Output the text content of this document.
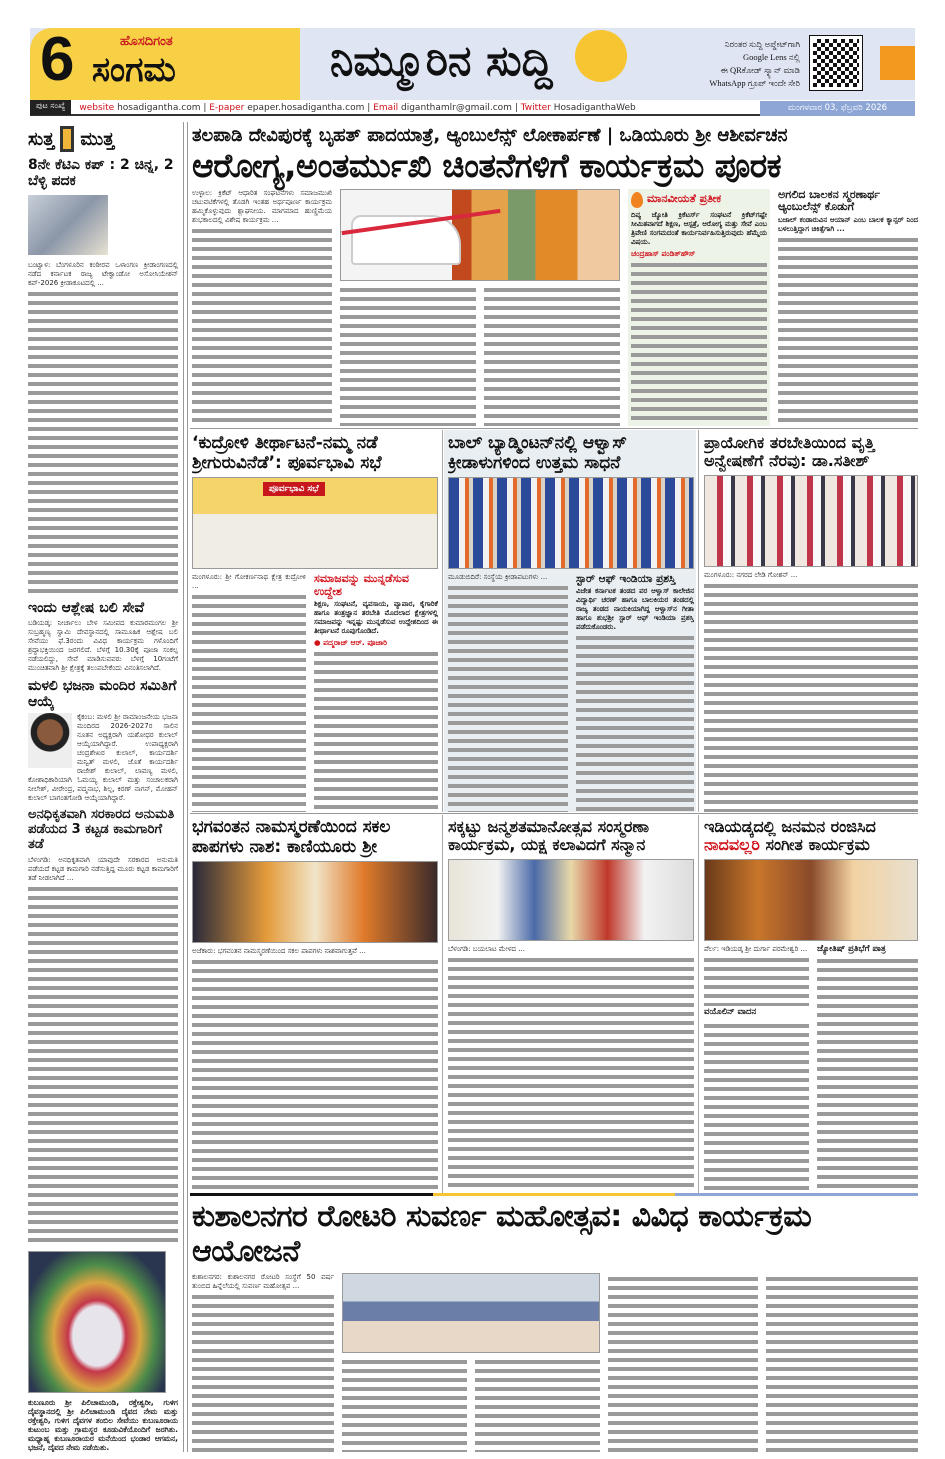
6	ಹೊಸದಿಗಂತ
ಸಂಗಮ	ನಿಮ್ಮೂರಿನ ಸುದ್ದಿ	ನಿರಂತರ ಸುದ್ದಿ ಅಪ್ಡೇಟ್‌ಗಾಗಿ
Google Lens ನಲ್ಲಿ
ಈ QRಕೋಡ್ ಸ್ಕ್ಯಾನ್ ಮಾಡಿ
WhatsApp ಗ್ರೂಪ್ ಇಂದೇ ಸೇರಿ
ಪುಟ ಸಂಖ್ಯೆ	website hosadigantha.com | E-paper epaper.hosadigantha.com | Email diganthamlr@gmail.com | Twitter HosadiganthaWeb	ಮಂಗಳವಾರ 03, ಫೆಬ್ರವರಿ 2026
ಸುತ್ತ ಮುತ್ತ
8ನೇ ಕೆಟಿಎ ಕಪ್ : 2 ಚಿನ್ನ, 2 ಬೆಳ್ಳಿ ಪದಕ
ಬಂಟ್ವಾಳ: ಬೆಂಗಳೂರಿನ ಕಂಠೀರವ ಒಳಾಂಗಣ ಕ್ರೀಡಾಂಗಣದಲ್ಲಿ ನಡೆದ ಕರ್ನಾಟಕ ರಾಜ್ಯ ಟೇಕ್ವಾಂಡೋ ಅಸೋಸಿಯೇಶನ್ ಕಪ್-2026 ಕ್ರೀಡಾಕೂಟದಲ್ಲಿ ...
ಇಂದು ಆಶ್ಲೇಷ ಬಲಿ ಸೇವೆ
ಬಡಿಯಡ್ಕ: ನೀರ್ಚಾಲು ಬೇಳ ಸಮೀಪದ ಕುಮಾರಮಂಗಲ ಶ್ರೀ ಸುಬ್ರಹ್ಮಣ್ಯ ಸ್ವಾಮಿ ದೇವಸ್ಥಾನದಲ್ಲಿ ಸಾಮೂಹಿಕ ಆಶ್ಲೇಷ ಬಲಿ ಸೇವೆಯು ಫೆ.3ರಂದು ವಿವಿಧ ಕಾರ್ಯಕ್ರಮ ಗಳೊಂದಿಗೆ ಶ್ರದ್ಧಾಭಕ್ತಿಯಿಂದ ಜರಗಲಿದೆ. ಬೆಳಗ್ಗೆ 10.30ಕ್ಕೆ ಪೂಜಾ ಸಂಕಲ್ಪ ನಡೆಯಲಿದ್ದು, ಸೇವೆ ಮಾಡಿಸುವವರು ಬೆಳಗ್ಗೆ 10ಗಂಟೆಗೆ ಮುಂಚಿತವಾಗಿ ಶ್ರೀ ಕ್ಷೇತ್ರಕ್ಕೆ ತಲುಪಬೇಕೆಂದು ವಿನಂತಿಸಲಾಗಿದೆ.
ಮಳಲಿ ಭಜನಾ ಮಂದಿರ ಸಮಿತಿಗೆ ಆಯ್ಕೆ
ಕೈಕಂಬ: ಮಳಲಿ ಶ್ರೀ ರಾಮಾಂಜನೇಯ ಭಜನಾ ಮಂದಿರದ 2026-2027ರ ಸಾಲಿನ ನೂತನ ಅಧ್ಯಕ್ಷರಾಗಿ ಯಶೋಧರ ಕುಲಾಲ್ ಆಯ್ಕೆಯಾಗಿದ್ದಾರೆ. ಉಪಾಧ್ಯಕ್ಷರಾಗಿ ಚಂದ್ರಶೇಖರ ಕುಲಾಲ್, ಕಾರ್ಯದರ್ಶಿ ಮನ್ವಿತ್ ಮಳಲಿ, ಜೊತೆ ಕಾರ್ಯದರ್ಶಿ ರಾಜೇಶ್ ಕುಲಾಲ್, ಲಾವಣ್ಯ ಮಳಲಿ, ಕೋಶಾಧಿಕಾರಿಯಾಗಿ ಓಮಯ್ಯ ಕುಲಾಲ್ ಮತ್ತು ಸಂಚಾಲಕರಾಗಿ ನೀಲೇಶ್, ವೀರೇಂದ್ರ, ಪದ್ಮನಾಭ, ಶಿಲ್ಪ, ಕಿರಣ್ ನಾಗನ್, ಮೋಹನ್ ಕುಲಾಲ್ ಬಾಗಂತಗೋಡಿ ಆಯ್ಕೆಯಾಗಿದ್ದಾರೆ.
ಅನಧಿಕೃತವಾಗಿ ಸರಕಾರದ ಅನುಮತಿ ಪಡೆಯದ 3 ಕಟ್ಟಡ ಕಾಮಗಾರಿಗೆ ತಡೆ
ಬೆಳಂಗಡಿ: ಅನಧಿಕೃತವಾಗಿ ಯಾವುದೇ ಸರಕಾರದ ಅನುಮತಿ ಪಡೆಯದೆ ಕಟ್ಟಡ ಕಾಮಗಾರಿ ನಡೆಸುತ್ತಿದ್ದ ಮೂರು ಕಟ್ಟಡ ಕಾಮಗಾರಿಗೆ ತಡೆ ನೀಡಲಾಗಿದೆ ...
ಕುಬಣೂರು ಶ್ರೀ ಪಿಲಿಚಾಮುಂಡಿ, ರಕ್ತೇಶ್ವರೀ, ಗುಳಿಗ ದೈವಸ್ಥಾನದಲ್ಲಿ ಶ್ರೀ ಪಿಲಿಚಾಮುಂಡಿ ದೈವದ ನೇಮ ಮತ್ತು ರಕ್ತೇಶ್ವರಿ, ಗುಳಿಗ ದೈವಗಳ ತಂಬಿಲ ಸೇವೆಯು ಕುಬಣೂರಾಯ ಕುಟುಂಬ ಮತ್ತು ಗ್ರಾಮಸ್ಥರ ಕೂಡುವಿಕೆಯೊಂದಿಗೆ ಜರಗಿತು. ಮಧ್ಯಾಹ್ನ ಕುಬಣೂರಾಯರ ಮನೆಯಿಂದ ಭಂಡಾರ ಆಗಮನ, ಭಜನೆ, ದೈವದ ನೇಮ ನಡೆಯಿತು.
ತಲಪಾಡಿ ದೇವಿಪುರಕ್ಕೆ ಬೃಹತ್ ಪಾದಯಾತ್ರೆ, ಆ್ಯಂಬುಲೆನ್ಸ್ ಲೋಕಾರ್ಪಣೆ | ಒಡಿಯೂರು ಶ್ರೀ ಆಶೀರ್ವಚನ
ಆರೋಗ್ಯ,ಅಂತರ್ಮುಖಿ ಚಿಂತನೆಗಳಿಗೆ ಕಾರ್ಯಕ್ರಮ ಪೂರಕ
ಉಳ್ಳಾಲ: ಕ್ರಿಕೆಟ್ ಆಧಾರಿತ ಸಂಘಟನೆಗಳು ಸಮಾಜಮುಖಿ ಚಟುವಟಿಕೆಗಳಲ್ಲಿ ತೊಡಗಿ ಇಂತಹ ಅರ್ಥಪೂರ್ಣ ಕಾರ್ಯಕ್ರಮ ಹಮ್ಮಿಕೊಳ್ಳುವುದು ಶ್ಲಾಘನೀಯ. ಮಾಗಮಾದ ಹುಣ್ಣಿಮೆಯ ಶುಭಕಾಲದಲ್ಲಿ ವಿಶೇಷ ಕಾರ್ಯಕ್ರಮ ...
ಮಾನವೀಯತೆ ಪ್ರತೀಕ
ದಿವ್ಯ ಜ್ಯೋತಿ ಕ್ರಿಕೆಟರ್ಸ್ ಸಂಘಟನೆ ಕ್ರಿಕೆಟ್‌ಗಷ್ಟೇ ಸೀಮಿತವಾಗದೆ ಶಿಕ್ಷಣ, ಆಸ್ಪತ್ರೆ, ಆರೋಗ್ಯ ಮತ್ತು ಸೇವೆ ಎಂಬ ತ್ರಿವೇಣಿ ಸಂಗಮದಂತೆ ಕಾರ್ಯನಿರ್ವಹಿಸುತ್ತಿರುವುದು ಹೆಮ್ಮೆಯ ವಿಷಯ.
ಚಂದ್ರಹಾಸ್ ಪಂಡಿತ್‌ಹೌಸ್
ಅಗಲಿದ ಬಾಲಕನ ಸ್ಮರಣಾರ್ಥ ಆ್ಯಂಬುಲೆನ್ಸ್ ಕೊಡುಗೆ
ಬಜಾಲ್ ಕಂಡಾರುವಿನ ಆಯಾನ್ ಎಂಬ ಬಾಲಕ ಕ್ಯಾನ್ಸರ್ ನಿಂದ ಬಳಲುತ್ತಿದ್ದಾಗ ಚಿಕಿತ್ಸೆಗಾಗಿ ...
‘ಕುದ್ರೋಳಿ ತೀರ್ಥಾಟನೆ-ನಮ್ಮ ನಡೆ ಶ್ರೀಗುರುವಿನೆಡೆ’: ಪೂರ್ವಭಾವಿ ಸಭೆ
ಪೂರ್ವಭಾವಿ ಸಭೆ
ಮಂಗಳೂರು: ಶ್ರೀ ಗೋಕರ್ಣನಾಥ ಕ್ಷೇತ್ರ ಕುದ್ರೋಳಿ ...
ಸಮಾಜವನ್ನು ಮುನ್ನಡೆಸುವ ಉದ್ದೇಶ
ಶಿಕ್ಷಣ, ಸಂಘಟನೆ, ವ್ಯವಸಾಯ, ವ್ಯಾಪಾರ, ಕೈಗಾರಿಕೆ ಹಾಗೂ ತಂತ್ರಜ್ಞಾನ ತರಬೇತಿ ಮೊದಲಾದ ಕ್ಷೇತ್ರಗಳಲ್ಲಿ ಸಮಾಜವನ್ನು ಇನ್ನಷ್ಟು ಮುನ್ನಡೆಸುವ ಉದ್ದೇಶದಿಂದ ಈ ತೀರ್ಥಾಟನೆ ರೂಪುಗೊಂಡಿದೆ.
● ಪದ್ಮರಾಜ್ ಆರ್. ಪೂಜಾರಿ
ಬಾಲ್ ಬ್ಯಾಡ್ಮಿಂಟನ್‌ನಲ್ಲಿ ಆಳ್ವಾಸ್ ಕ್ರೀಡಾಳುಗಳಿಂದ ಉತ್ತಮ ಸಾಧನೆ
ಮೂಡುಬಿದಿರೆ: ಸಂಸ್ಥೆಯ ಕ್ರೀಡಾಪಟುಗಳು ...	ಸ್ಟಾರ್ ಆಫ್ ಇಂಡಿಯಾ ಪ್ರಶಸ್ತಿ
ವಿಜೇತ ಕರ್ನಾಟಕ ತಂಡದ ಪರ ಆಳ್ವಾಸ್ ಕಾಲೇಜಿನ ವಿದ್ಯಾರ್ಥಿ ಚರಣ್ ಹಾಗೂ ಬಾಲಕಿಯರ ತಂಡದಲ್ಲಿ ರಾಜ್ಯ ತಂಡದ ನಾಯಕಿಯಾಗಿದ್ದ ಆಳ್ವಾಸ್‌ನ ಗೀತಾ ಹಾಗೂ ಶುಭಶ್ರೀ ಸ್ಟಾರ್ ಆಫ್ ಇಂಡಿಯಾ ಪ್ರಶಸ್ತಿ ಪಡೆದುಕೊಂಡರು.
ಪ್ರಾಯೋಗಿಕ ತರಬೇತಿಯಿಂದ ವೃತ್ತಿ ಅನ್ವೇಷಣೆಗೆ ನೆರವು: ಡಾ.ಸತೀಶ್
ಮಂಗಳೂರು: ನಗರದ ಲೇಡಿ ಗೋಶನ್ ...
ಭಗವಂತನ ನಾಮಸ್ಮರಣೆಯಿಂದ ಸಕಲ ಪಾಪಗಳು ನಾಶ: ಕಾಣಿಯೂರು ಶ್ರೀ
ಅಜೆಕಾರು: ಭಗವಂತನ ನಾಮಸ್ಮರಣೆಯಿಂದ ಸಕಲ ಪಾಪಗಳು ನಾಶವಾಗುತ್ತವೆ ...
ಸಕ್ಕಟ್ಟು ಜನ್ಮಶತಮಾನೋತ್ಸವ ಸಂಸ್ಮರಣಾ ಕಾರ್ಯಕ್ರಮ, ಯಕ್ಷ ಕಲಾವಿದಗೆ ಸನ್ಮಾನ
ಬೆಳಂಗಡಿ: ಬಯಲಾಟ ಮೇಳದ ...
ಇಡಿಯಡ್ಕದಲ್ಲಿ ಜನಮನ ರಂಜಿಸಿದ
ನಾದವಲ್ಲರಿ ಸಂಗೀತ ಕಾರ್ಯಕ್ರಮ
ಪೆರ್ಲ: ಇಡಿಯಡ್ಕ ಶ್ರೀ ದುರ್ಗಾ ಪರಮೇಶ್ವರಿ ...
ವಯೊಲಿನ್ ವಾದನ
ಜ್ಯೋತಿಷ್ ಪ್ರತಿಭೆಗೆ ಪಾತ್ರ
ಕುಶಾಲನಗರ ರೋಟರಿ ಸುವರ್ಣ ಮಹೋತ್ಸವ: ವಿವಿಧ ಕಾರ್ಯಕ್ರಮ ಆಯೋಜನೆ
ಕುಶಾಲನಗರ: ಕುಶಾಲನಗರ ರೋಟರಿ ಸಂಸ್ಥೆಗೆ 50 ವರ್ಷ ತುಂಬಿದ ಹಿನ್ನೆಲೆಯಲ್ಲಿ ಸುವರ್ಣ ಮಹೋತ್ಸವ ...
